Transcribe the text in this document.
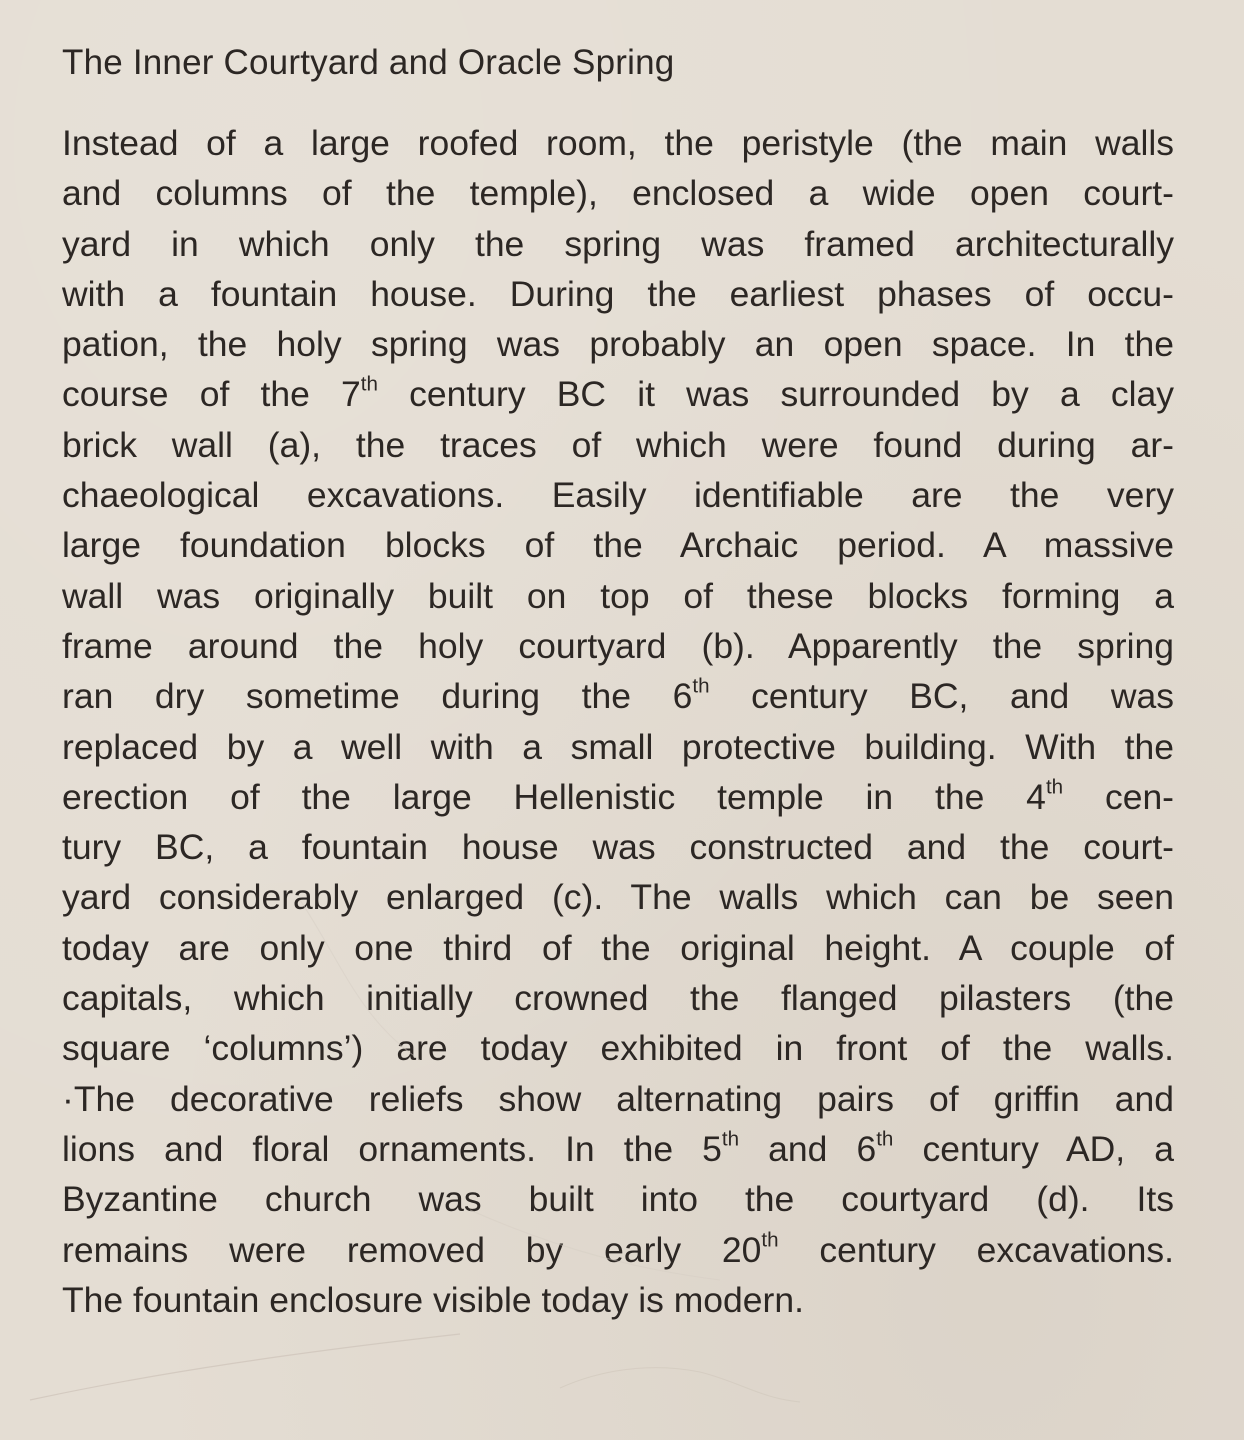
The Inner Courtyard and Oracle Spring
Instead of a large roofed room, the peristyle (the main walls
and columns of the temple), enclosed a wide open court-
yard in which only the spring was framed architecturally
with a fountain house. During the earliest phases of occu-
pation, the holy spring was probably an open space. In the
course of the 7th century BC it was surrounded by a clay
brick wall (a), the traces of which were found during ar-
chaeological excavations. Easily identifiable are the very
large foundation blocks of the Archaic period. A massive
wall was originally built on top of these blocks forming a
frame around the holy courtyard (b). Apparently the spring
ran dry sometime during the 6th century BC, and was
replaced by a well with a small protective building. With the
erection of the large Hellenistic temple in the 4th cen-
tury BC, a fountain house was constructed and the court-
yard considerably enlarged (c). The walls which can be seen
today are only one third of the original height. A couple of
capitals, which initially crowned the flanged pilasters (the
square ‘columns’) are today exhibited in front of the walls.
·The decorative reliefs show alternating pairs of griffin and
lions and floral ornaments. In the 5th and 6th century AD, a
Byzantine church was built into the courtyard (d). Its
remains were removed by early 20th century excavations.
The fountain enclosure visible today is modern.
